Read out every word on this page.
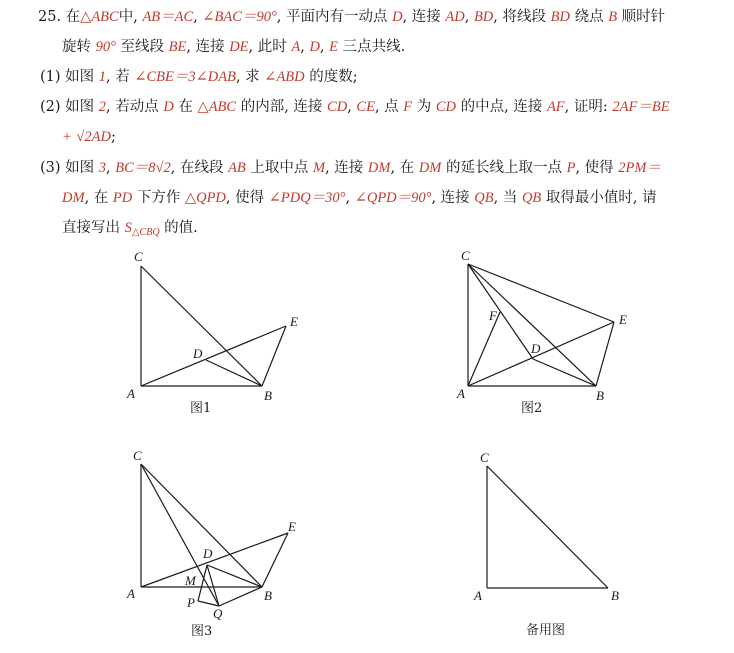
25. 在△ABC中, AB＝AC, ∠BAC＝90°, 平面内有一动点 D, 连接 AD, BD, 将线段 BD 绕点 B 顺时针
旋转 90° 至线段 BE, 连接 DE, 此时 A, D, E 三点共线.
(1) 如图 1, 若 ∠CBE＝3∠DAB, 求 ∠ABD 的度数;
(2) 如图 2, 若动点 D 在 △ABC 的内部, 连接 CD, CE, 点 F 为 CD 的中点, 连接 AF, 证明: 2AF＝BE
+ √2AD;
(3) 如图 3, BC＝8√2, 在线段 AB 上取中点 M, 连接 DM, 在 DM 的延长线上取一点 P, 使得 2PM＝
DM, 在 PD 下方作 △QPD, 使得 ∠PDQ＝30°, ∠QPD＝90°, 连接 QB, 当 QB 取得最小值时, 请
直接写出 $S_{\triangle CBQ}$ 的值.
C
A	B
D
E
图1
C
A	B
D
E
F
图2
C
A	B
D
E
M
P
Q
图3
C
A	B
备用图
